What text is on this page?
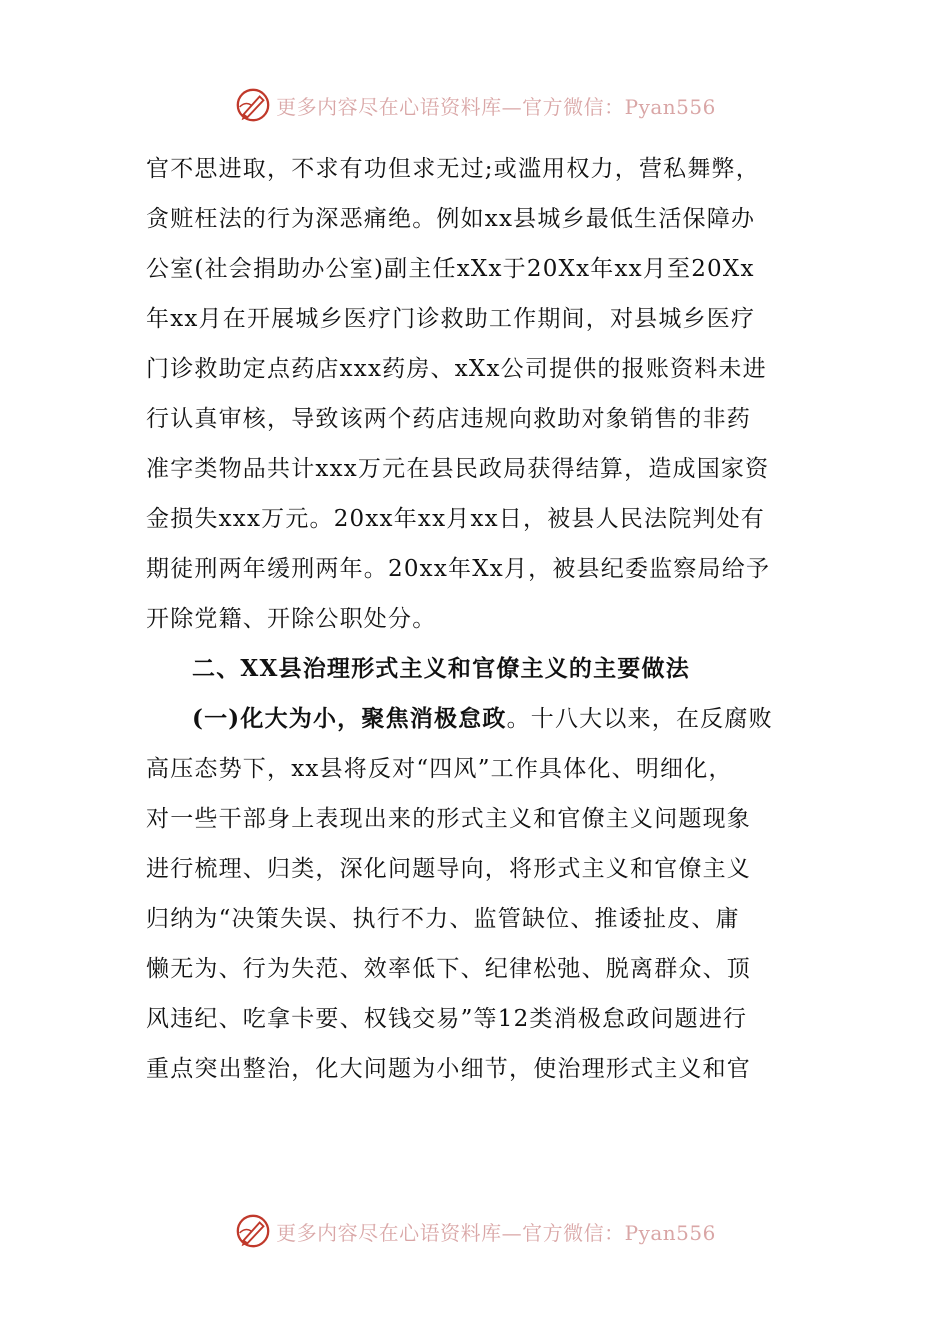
更多内容尽在心语资料库—官方微信：Pyan556
官不思进取，不求有功但求无过;或滥用权力，营私舞弊，
贪赃枉法的行为深恶痛绝。例如xx县城乡最低生活保障办
公室(社会捐助办公室)副主任xXx于20Xx年xx月至20Xx
年xx月在开展城乡医疗门诊救助工作期间，对县城乡医疗
门诊救助定点药店xxx药房、xXx公司提供的报账资料未进
行认真审核，导致该两个药店违规向救助对象销售的非药
准字类物品共计xxx万元在县民政局获得结算，造成国家资
金损失xxx万元。20xx年xx月xx日，被县人民法院判处有
期徒刑两年缓刑两年。20xx年Xx月，被县纪委监察局给予
开除党籍、开除公职处分。
二、XX县治理形式主义和官僚主义的主要做法
(一)化大为小，聚焦消极怠政。十八大以来，在反腐败
高压态势下，xx县将反对“四风”工作具体化、明细化，
对一些干部身上表现出来的形式主义和官僚主义问题现象
进行梳理、归类，深化问题导向，将形式主义和官僚主义
归纳为“决策失误、执行不力、监管缺位、推诿扯皮、庸
懒无为、行为失范、效率低下、纪律松弛、脱离群众、顶
风违纪、吃拿卡要、权钱交易”等12类消极怠政问题进行
重点突出整治，化大问题为小细节，使治理形式主义和官
更多内容尽在心语资料库—官方微信：Pyan556
